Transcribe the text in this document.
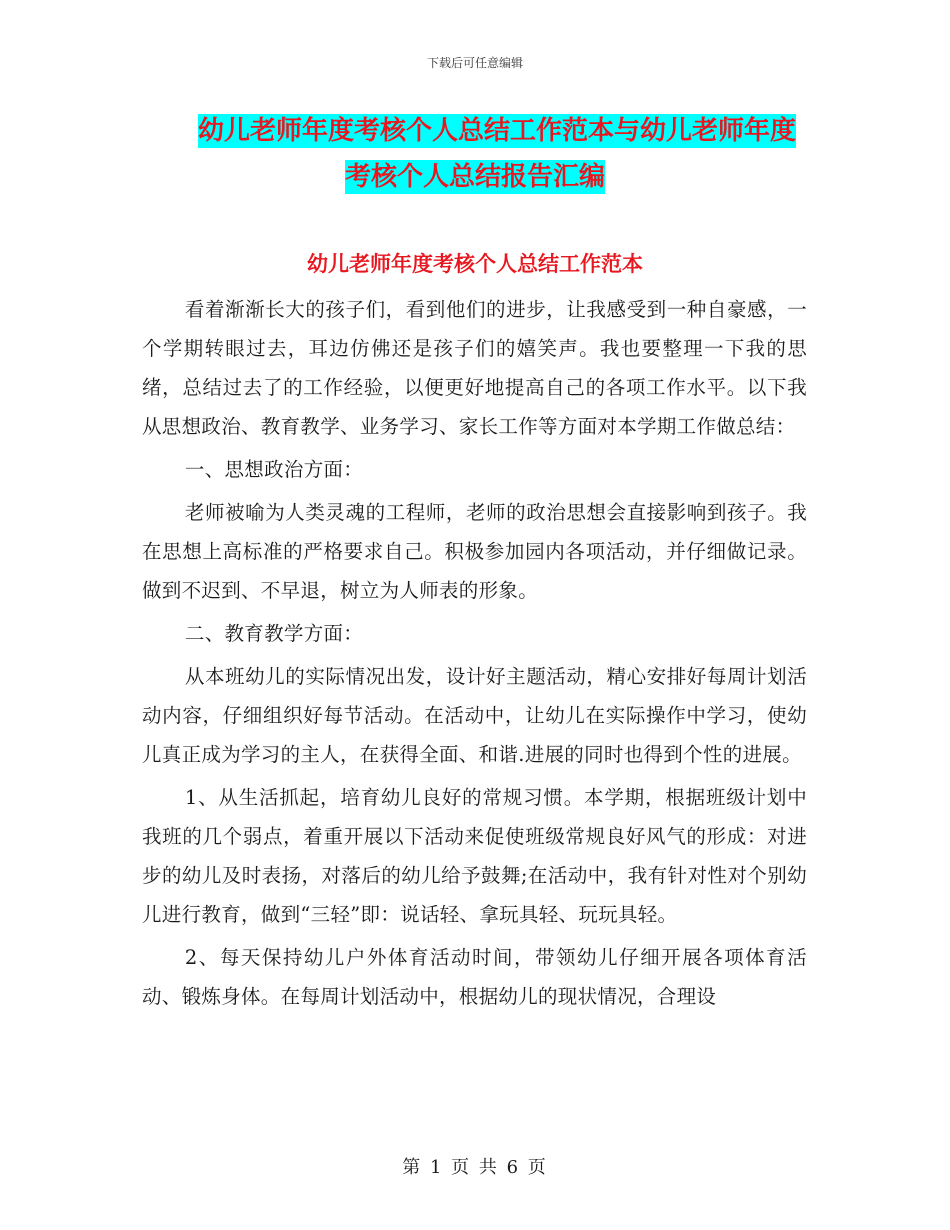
下载后可任意编辑
幼儿老师年度考核个人总结工作范本与幼儿老师年度
考核个人总结报告汇编
幼儿老师年度考核个人总结工作范本

看着渐渐长大的孩子们，看到他们的进步，让我感受到一种自豪感，一个学期转眼过去，耳边仿佛还是孩子们的嬉笑声。我也要整理一下我的思绪，总结过去了的工作经验，以便更好地提高自己的各项工作水平。以下我从思想政治、教育教学、业务学习、家长工作等方面对本学期工作做总结：

一、思想政治方面：

老师被喻为人类灵魂的工程师，老师的政治思想会直接影响到孩子。我在思想上高标准的严格要求自己。积极参加园内各项活动，并仔细做记录。做到不迟到、不早退，树立为人师表的形象。

二、教育教学方面：

从本班幼儿的实际情况出发，设计好主题活动，精心安排好每周计划活动内容，仔细组织好每节活动。在活动中，让幼儿在实际操作中学习，使幼儿真正成为学习的主人，在获得全面、和谐.进展的同时也得到个性的进展。

1、从生活抓起，培育幼儿良好的常规习惯。本学期，根据班级计划中我班的几个弱点，着重开展以下活动来促使班级常规良好风气的形成：对进步的幼儿及时表扬，对落后的幼儿给予鼓舞;在活动中，我有针对性对个别幼儿进行教育，做到“三轻”即：说话轻、拿玩具轻、玩玩具轻。

2、每天保持幼儿户外体育活动时间，带领幼儿仔细开展各项体育活动、锻炼身体。在每周计划活动中，根据幼儿的现状情况，合理设

第 1 页 共 6 页
